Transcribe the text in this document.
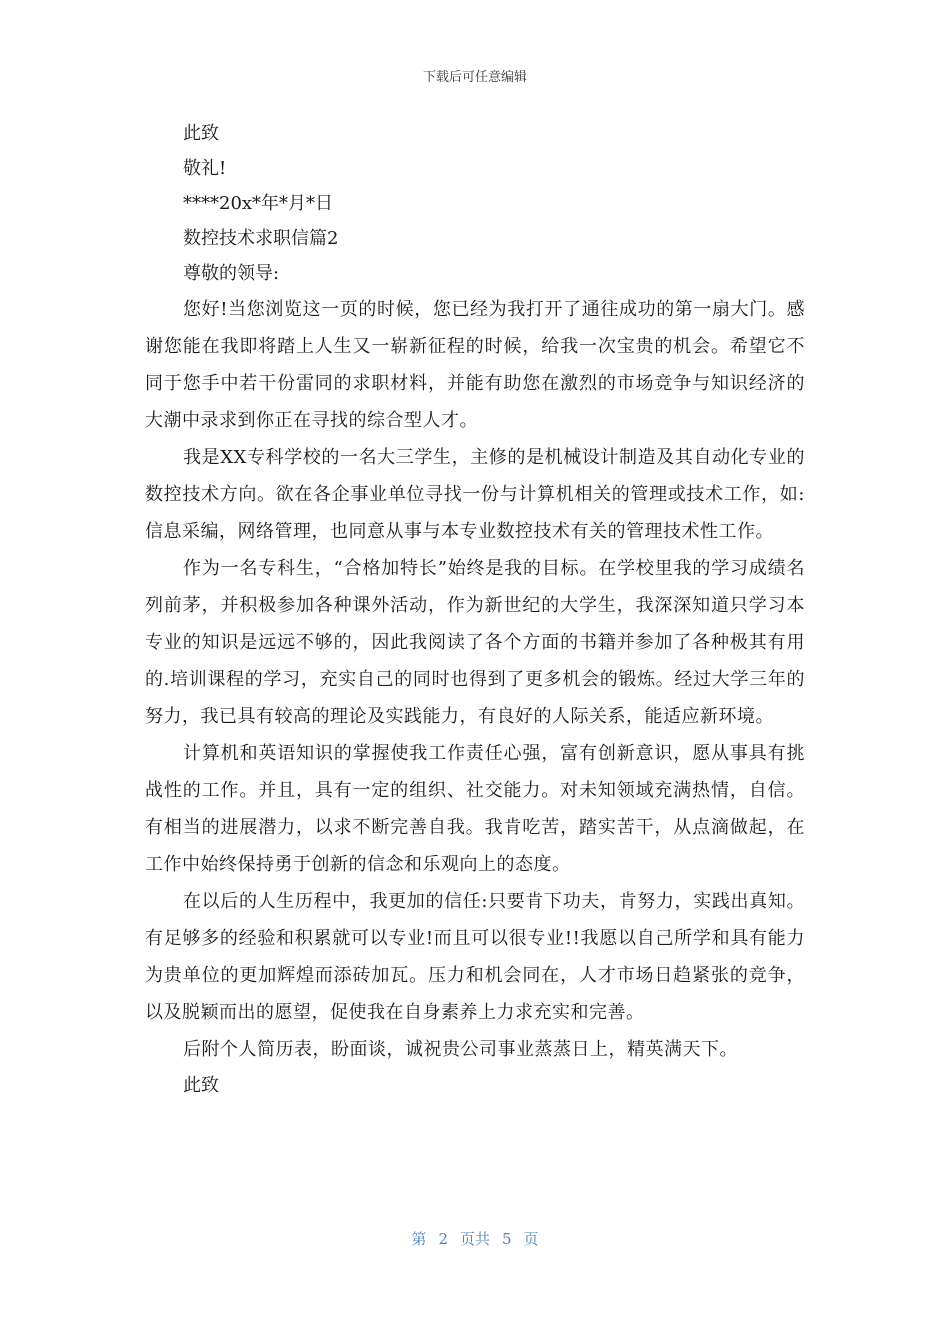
下载后可任意编辑

此致

敬礼!

****20x*年*月*日

数控技术求职信篇2

尊敬的领导:

您好!当您浏览这一页的时候，您已经为我打开了通往成功的第一扇大门。感谢您能在我即将踏上人生又一崭新征程的时候，给我一次宝贵的机会。希望它不同于您手中若干份雷同的求职材料，并能有助您在激烈的市场竞争与知识经济的大潮中录求到你正在寻找的综合型人才。

我是XX专科学校的一名大三学生，主修的是机械设计制造及其自动化专业的数控技术方向。欲在各企事业单位寻找一份与计算机相关的管理或技术工作，如:信息采编，网络管理，也同意从事与本专业数控技术有关的管理技术性工作。

作为一名专科生，“合格加特长”始终是我的目标。在学校里我的学习成绩名列前茅，并积极参加各种课外活动，作为新世纪的大学生，我深深知道只学习本专业的知识是远远不够的，因此我阅读了各个方面的书籍并参加了各种极其有用的.培训课程的学习，充实自己的同时也得到了更多机会的锻炼。经过大学三年的努力，我已具有较高的理论及实践能力，有良好的人际关系，能适应新环境。

计算机和英语知识的掌握使我工作责任心强，富有创新意识，愿从事具有挑战性的工作。并且，具有一定的组织、社交能力。对未知领域充满热情，自信。有相当的进展潜力，以求不断完善自我。我肯吃苦，踏实苦干，从点滴做起，在工作中始终保持勇于创新的信念和乐观向上的态度。

在以后的人生历程中，我更加的信任:只要肯下功夫，肯努力，实践出真知。有足够多的经验和积累就可以专业!而且可以很专业!!我愿以自己所学和具有能力为贵单位的更加辉煌而添砖加瓦。压力和机会同在，人才市场日趋紧张的竞争，以及脱颖而出的愿望，促使我在自身素养上力求充实和完善。

后附个人简历表，盼面谈，诚祝贵公司事业蒸蒸日上，精英满天下。

此致

第 2 页共 5 页
